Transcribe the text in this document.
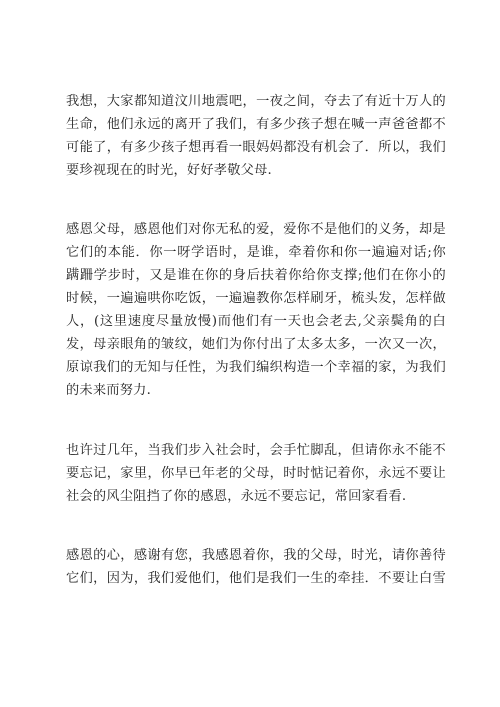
我想，大家都知道汶川地震吧，一夜之间，夺去了有近十万人的
生命，他们永远的离开了我们，有多少孩子想在喊一声爸爸都不
可能了，有多少孩子想再看一眼妈妈都没有机会了．所以，我们
要珍视现在的时光，好好孝敬父母.
感恩父母，感恩他们对你无私的爱，爱你不是他们的义务，却是
它们的本能．你一呀学语时，是谁，牵着你和你一遍遍对话;你
蹒跚学步时，又是谁在你的身后扶着你给你支撑;他们在你小的
时候，一遍遍哄你吃饭，一遍遍教你怎样刷牙，梳头发，怎样做
人，(这里速度尽量放慢)而他们有一天也会老去,父亲鬓角的白
发，母亲眼角的皱纹，她们为你付出了太多太多，一次又一次，
原谅我们的无知与任性，为我们编织构造一个幸福的家，为我们
的未来而努力.
也许过几年，当我们步入社会时，会手忙脚乱，但请你永不能不
要忘记，家里，你早已年老的父母，时时惦记着你，永远不要让
社会的风尘阻挡了你的感恩，永远不要忘记，常回家看看.
感恩的心，感谢有您，我感恩着你，我的父母，时光，请你善待
它们，因为，我们爱他们，他们是我们一生的牵挂．不要让白雪
